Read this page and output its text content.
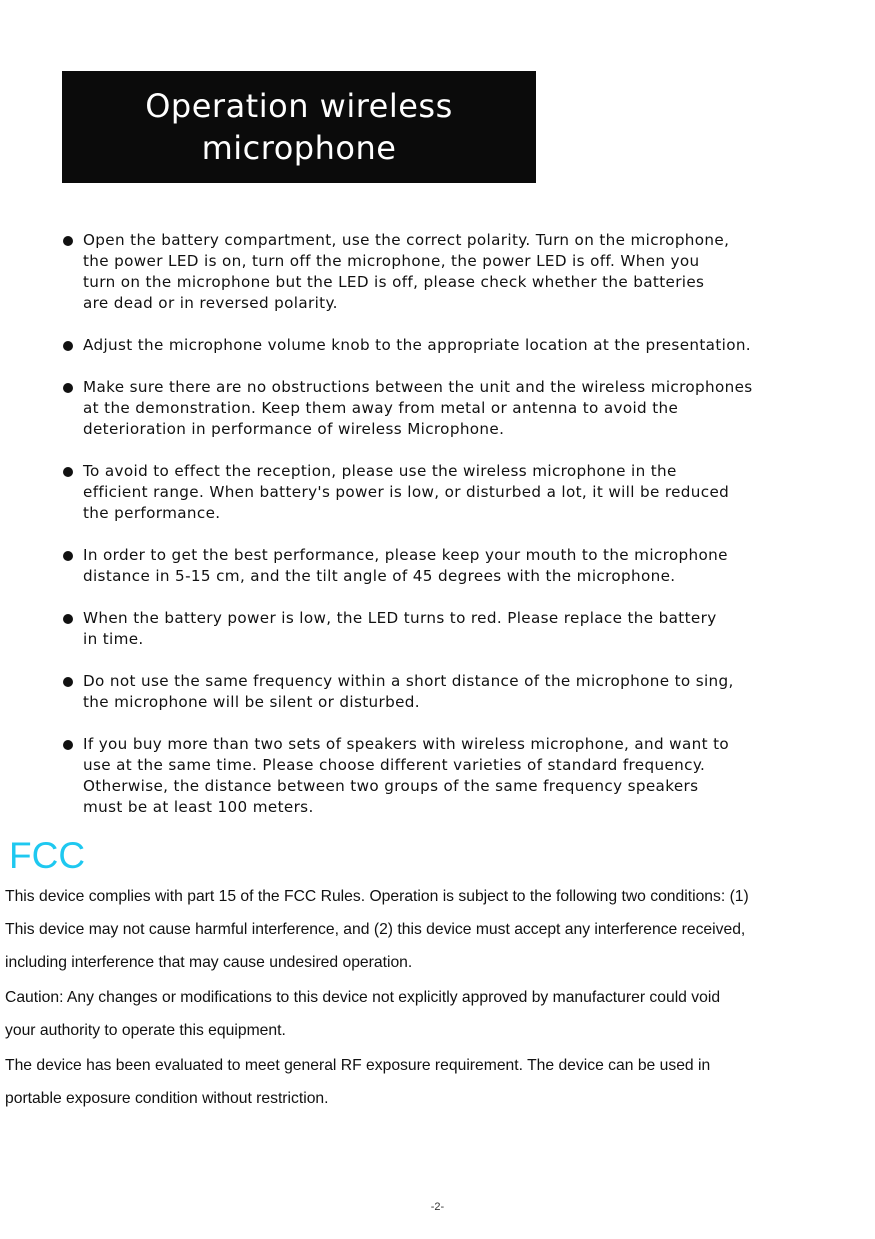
Operation wireless
microphone
Open the battery compartment, use the correct polarity. Turn on the microphone,
the power LED is on, turn off the microphone, the power LED is off. When you
turn on the microphone but the LED is off, please check whether the batteries
are dead or in reversed polarity.
Adjust the microphone volume knob to the appropriate location at the presentation.
Make sure there are no obstructions between the unit and the wireless microphones
at the demonstration. Keep them away from metal or antenna to avoid the
deterioration in performance of wireless Microphone.
To avoid to effect the reception, please use the wireless microphone in the
efficient range. When battery's power is low, or disturbed a lot, it will be reduced
the performance.
In order to get the best performance, please keep your mouth to the microphone
distance in 5-15 cm, and the tilt angle of 45 degrees with the microphone.
When the battery power is low, the LED turns to red. Please replace the battery
in time.
Do not use the same frequency within a short distance of the microphone to sing,
the microphone will be silent or disturbed.
If you buy more than two sets of speakers with wireless microphone, and want to
use at the same time. Please choose different varieties of standard frequency.
Otherwise, the distance between two groups of the same frequency speakers
must be at least 100 meters.
FCC

This device complies with part 15 of the FCC Rules. Operation is subject to the following two conditions: (1)
This device may not cause harmful interference, and (2) this device must accept any interference received,
including interference that may cause undesired operation.

Caution: Any changes or modifications to this device not explicitly approved by manufacturer could void
your authority to operate this equipment.

The device has been evaluated to meet general RF exposure requirement. The device can be used in
portable exposure condition without restriction.

-2-
